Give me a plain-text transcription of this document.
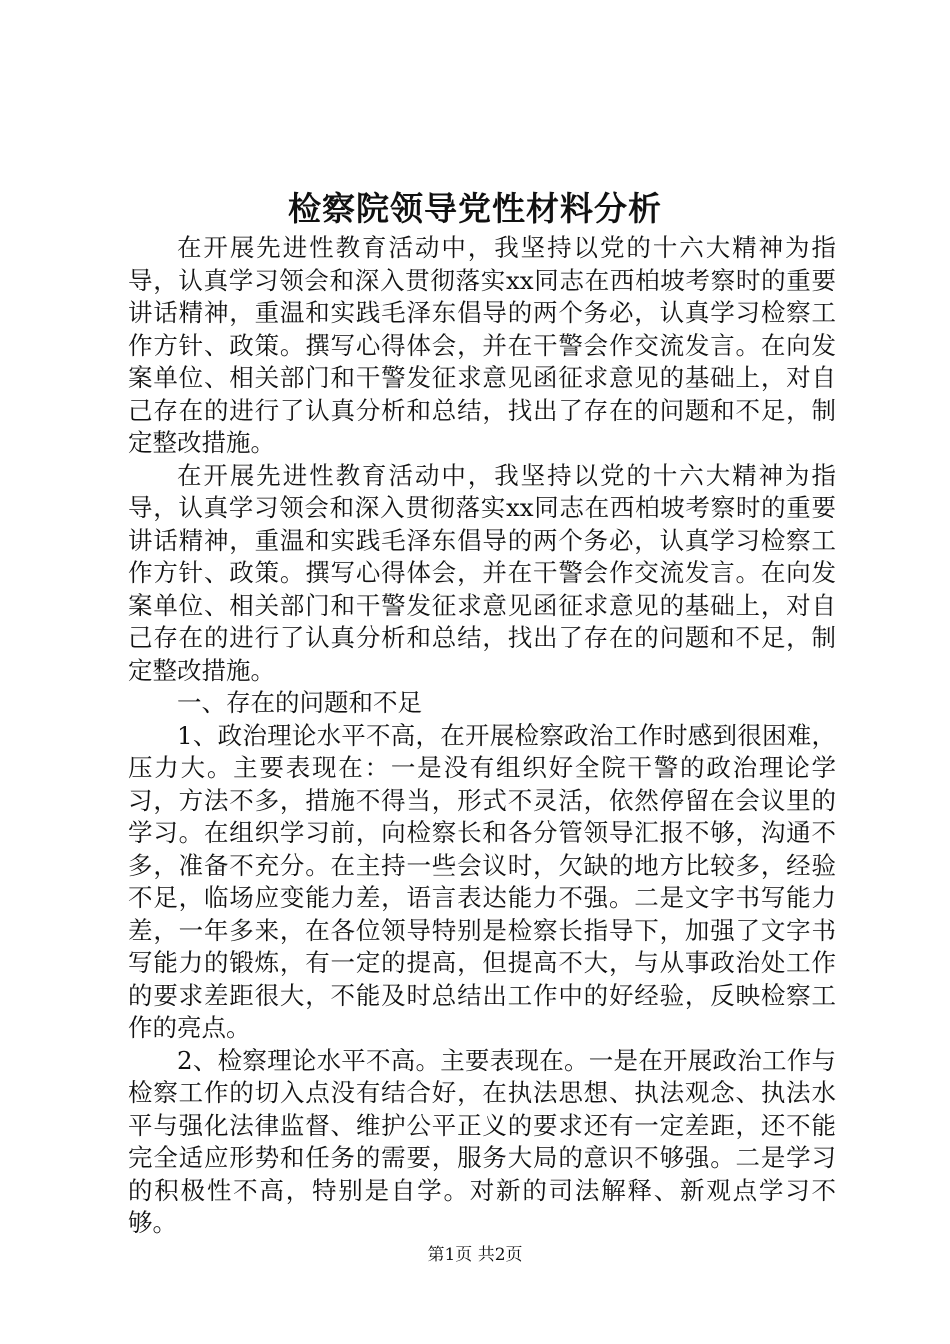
检察院领导党性材料分析

在开展先进性教育活动中，我坚持以党的十六大精神为指导，认真学习领会和深入贯彻落实xx同志在西柏坡考察时的重要讲话精神，重温和实践毛泽东倡导的两个务必，认真学习检察工作方针、政策。撰写心得体会，并在干警会作交流发言。在向发案单位、相关部门和干警发征求意见函征求意见的基础上，对自己存在的进行了认真分析和总结，找出了存在的问题和不足，制定整改措施。

在开展先进性教育活动中，我坚持以党的十六大精神为指导，认真学习领会和深入贯彻落实xx同志在西柏坡考察时的重要讲话精神，重温和实践毛泽东倡导的两个务必，认真学习检察工作方针、政策。撰写心得体会，并在干警会作交流发言。在向发案单位、相关部门和干警发征求意见函征求意见的基础上，对自己存在的进行了认真分析和总结，找出了存在的问题和不足，制定整改措施。

一、存在的问题和不足

1、政治理论水平不高，在开展检察政治工作时感到很困难，压力大。主要表现在：一是没有组织好全院干警的政治理论学习，方法不多，措施不得当，形式不灵活，依然停留在会议里的学习。在组织学习前，向检察长和各分管领导汇报不够，沟通不多，准备不充分。在主持一些会议时，欠缺的地方比较多，经验不足，临场应变能力差，语言表达能力不强。二是文字书写能力差，一年多来，在各位领导特别是检察长指导下，加强了文字书写能力的锻炼，有一定的提高，但提高不大，与从事政治处工作的要求差距很大，不能及时总结出工作中的好经验，反映检察工作的亮点。

2、检察理论水平不高。主要表现在。一是在开展政治工作与检察工作的切入点没有结合好，在执法思想、执法观念、执法水平与强化法律监督、维护公平正义的要求还有一定差距，还不能完全适应形势和任务的需要，服务大局的意识不够强。二是学习的积极性不高，特别是自学。对新的司法解释、新观点学习不够。

第1页 共2页
